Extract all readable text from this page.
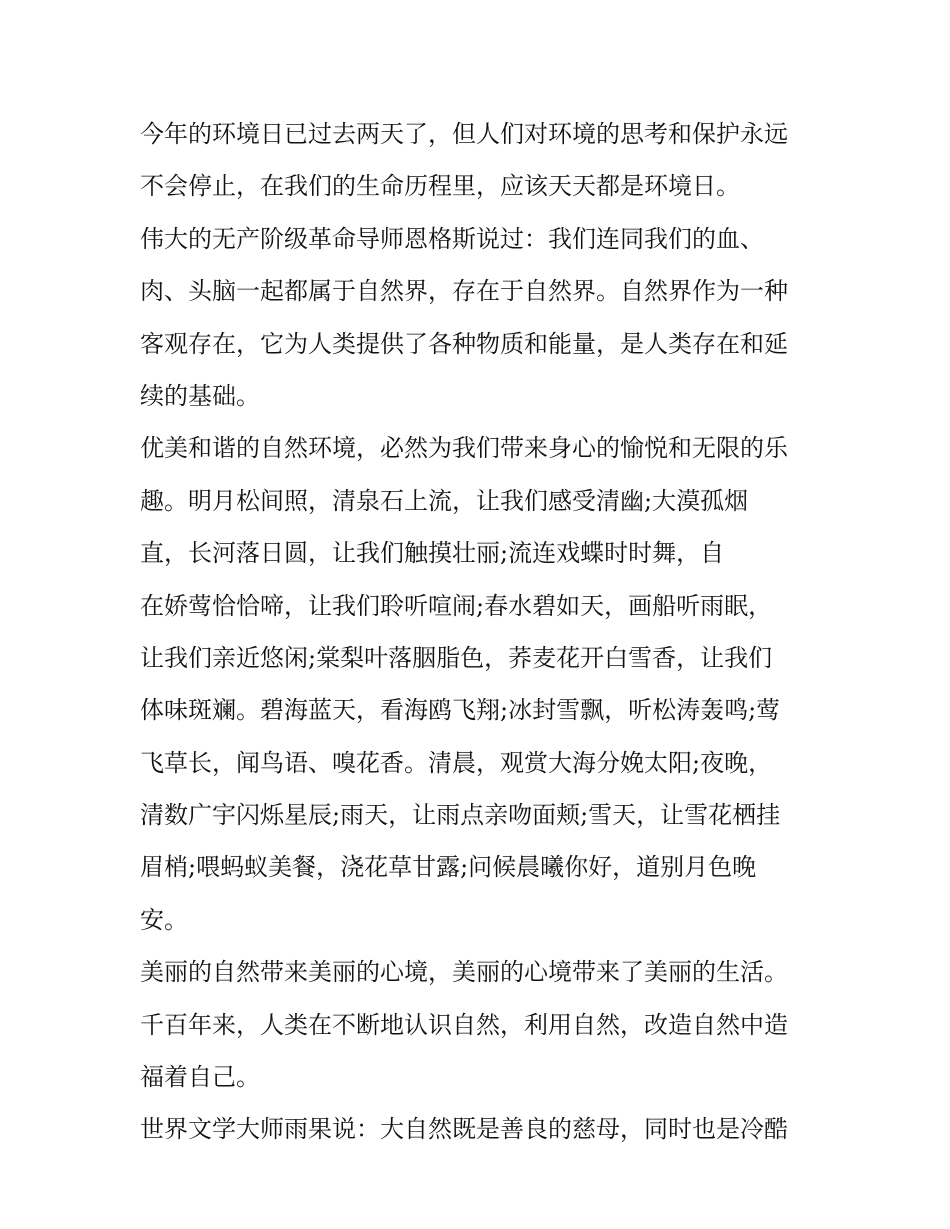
今年的环境日已过去两天了，但人们对环境的思考和保护永远
不会停止，在我们的生命历程里，应该天天都是环境日。
伟大的无产阶级革命导师恩格斯说过：我们连同我们的血、
肉、头脑一起都属于自然界，存在于自然界。自然界作为一种
客观存在，它为人类提供了各种物质和能量，是人类存在和延
续的基础。
优美和谐的自然环境，必然为我们带来身心的愉悦和无限的乐
趣。明月松间照，清泉石上流，让我们感受清幽;大漠孤烟
直，长河落日圆，让我们触摸壮丽;流连戏蝶时时舞，自
在娇莺恰恰啼，让我们聆听喧闹;春水碧如天，画船听雨眠，
让我们亲近悠闲;棠梨叶落胭脂色，荞麦花开白雪香，让我们
体味斑斓。碧海蓝天，看海鸥飞翔;冰封雪飘，听松涛轰鸣;莺
飞草长，闻鸟语、嗅花香。清晨，观赏大海分娩太阳;夜晚，
清数广宇闪烁星辰;雨天，让雨点亲吻面颊;雪天，让雪花栖挂
眉梢;喂蚂蚁美餐，浇花草甘露;问候晨曦你好，道别月色晚
安。
美丽的自然带来美丽的心境，美丽的心境带来了美丽的生活。
千百年来，人类在不断地认识自然，利用自然，改造自然中造
福着自己。
世界文学大师雨果说：大自然既是善良的慈母，同时也是冷酷
